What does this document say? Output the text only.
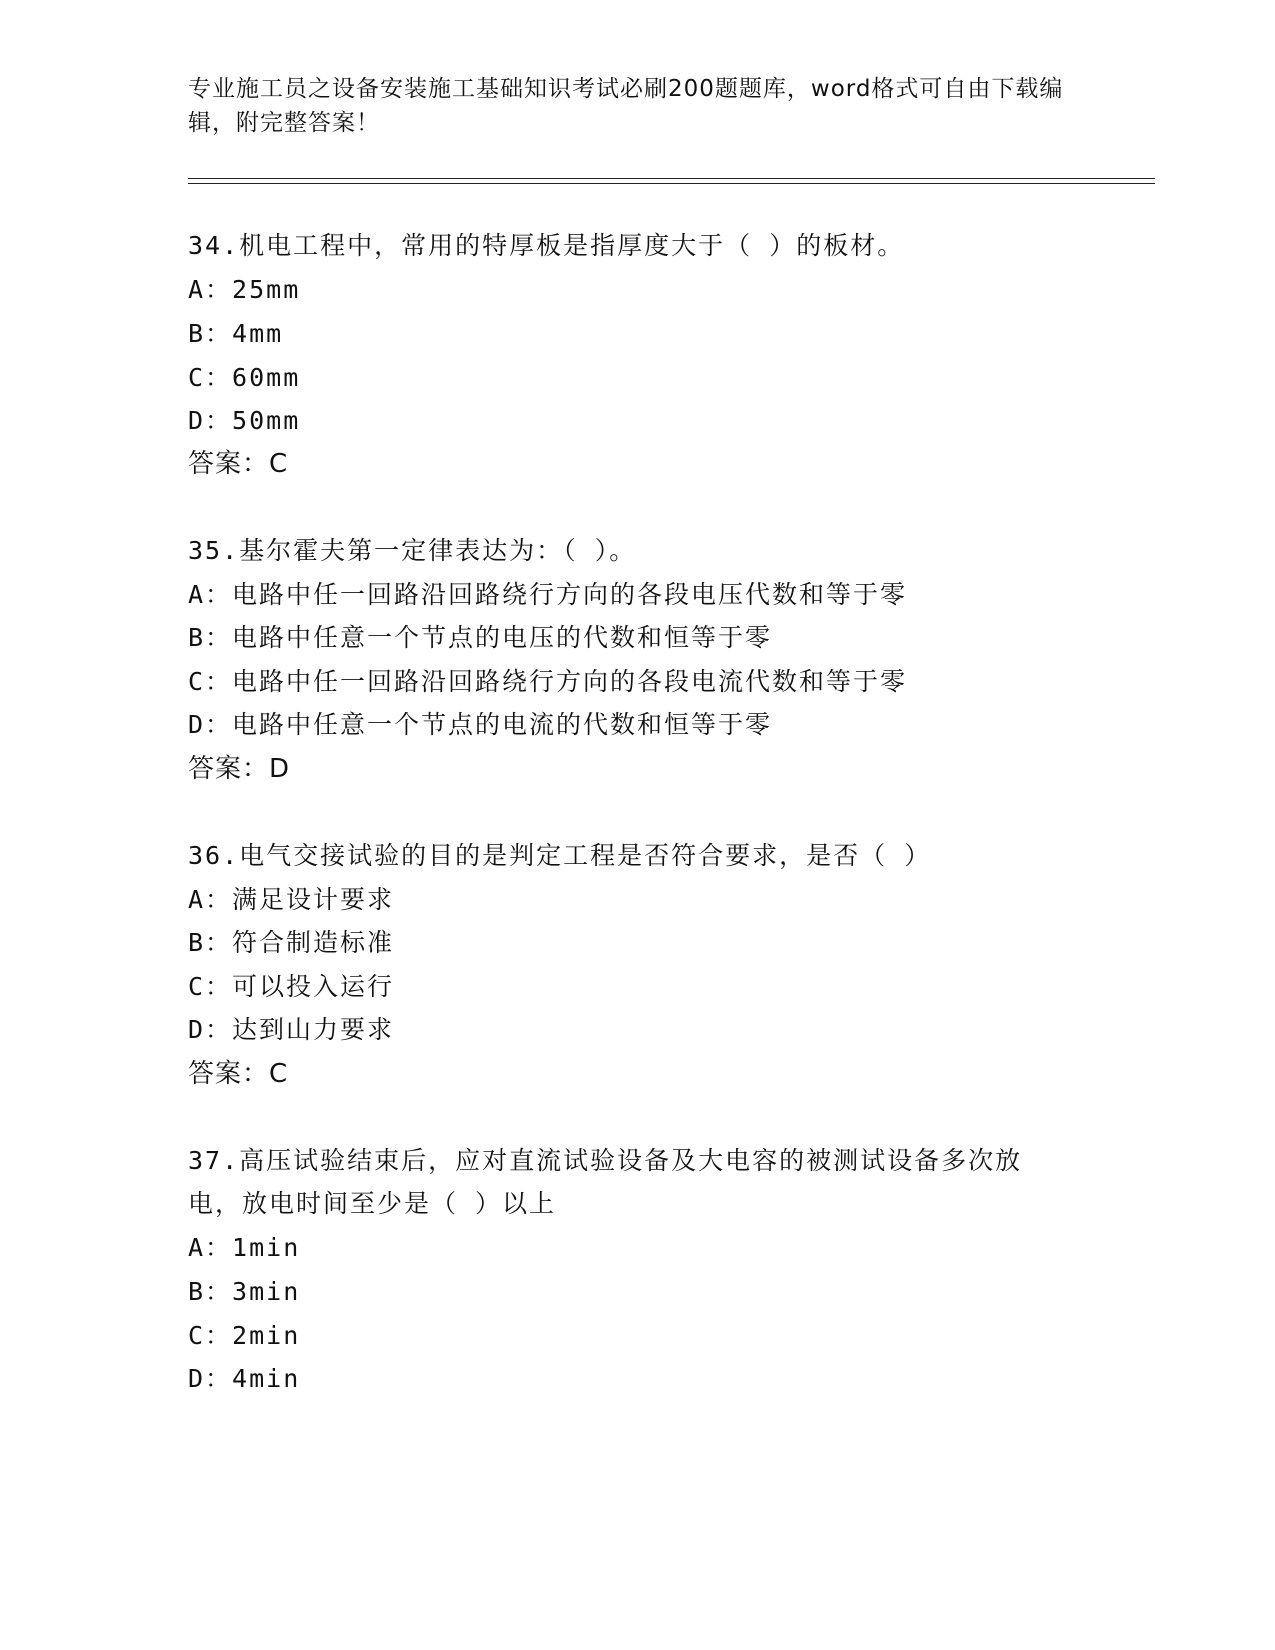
专业施工员之设备安装施工基础知识考试必刷200题题库，word格式可自由下载编辑，附完整答案！
34.机电工程中，常用的特厚板是指厚度大于（ ）的板材。
A：25mm
B：4mm
C：60mm
D：50mm
答案：C
35.基尔霍夫第一定律表达为：（ ）。
A：电路中任一回路沿回路绕行方向的各段电压代数和等于零
B：电路中任意一个节点的电压的代数和恒等于零
C：电路中任一回路沿回路绕行方向的各段电流代数和等于零
D：电路中任意一个节点的电流的代数和恒等于零
答案：D
36.电气交接试验的目的是判定工程是否符合要求，是否（ ）
A：满足设计要求
B：符合制造标准
C：可以投入运行
D：达到山力要求
答案：C
37.高压试验结束后，应对直流试验设备及大电容的被测试设备多次放
电，放电时间至少是（ ）以上
A：1min
B：3min
C：2min
D：4min
